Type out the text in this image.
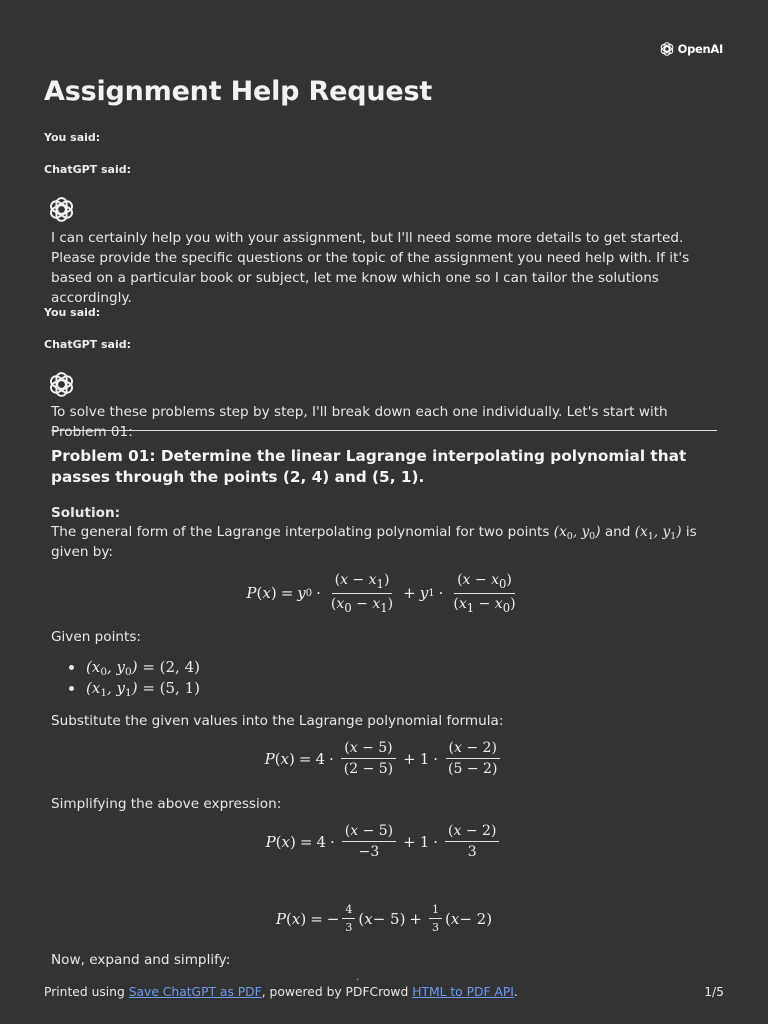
OpenAI
Assignment Help Request
You said:
ChatGPT said:

I can certainly help you with your assignment, but I'll need some more details to get started. Please provide the specific questions or the topic of the assignment you need help with. If it's based on a particular book or subject, let me know which one so I can tailor the solutions accordingly.

You said:
ChatGPT said:

To solve these problems step by step, I'll break down each one individually. Let's start with Problem 01:

Problem 01: Determine the linear Lagrange interpolating polynomial that passes through the points (2, 4) and (5, 1).

Solution:

The general form of the Lagrange interpolating polynomial for two points ($x_0$, $y_0$) and ($x_1$, $y_1$) is given by:

P ( x ) = y $0 \cdot \frac{(x - x_1)}{(x_0 - x_1)} + y$ $1 \cdot \frac{(x - x_0)}{(x_1 - x_0)}$

Given points:

($x_0$, $y_0) = (2$, 4)
($x_1$, $y_1) = (5$, 1)

Substitute the given values into the Lagrange polynomial formula:

P ( x ) = $4 \cdot \frac{(x - 5)}{(2 - 5)} + 1 \cdot \frac{(x - 2)}{(5 - 2)}$

Simplifying the above expression:

P ( x ) = $4 \cdot \frac{(x - 5)}{-3} + 1 \cdot \frac{(x - 2)}{3}$
P ( x ) = − $\frac{4}{3}$ ( $x - 5) + \frac{1}{3}$ ( x − 2)

Now, expand and simplify:

.
Printed using Save ChatGPT as PDF, powered by PDFCrowd HTML to PDF API.	1/5
